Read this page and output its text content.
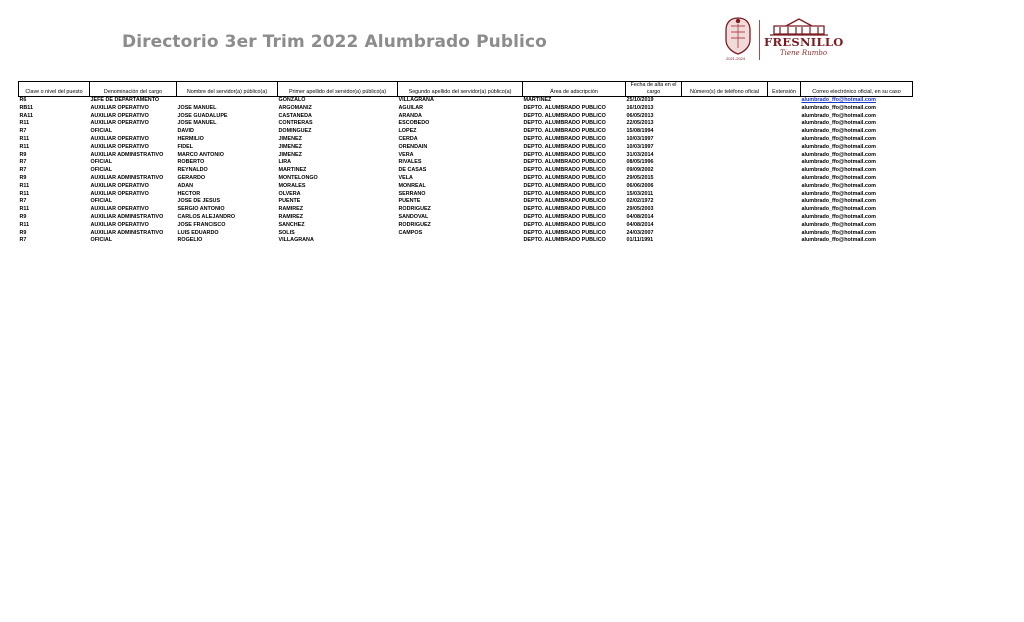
Directorio 3er Trim 2022 Alumbrado Publico
2021-2024
FRESNILLO
Tiene Rumbo
Clave o nivel del puesto	Denominación del cargo	Nombre del servidor(a) público(a)	Primer apellido del servidor(a) público(a)	Segundo apellido del servidor(a) público(a)	Área de adscripción	Fecha de alta en el cargo	Número(s) de teléfono oficial	Extensión	Correo electrónico oficial, en su caso
R6	JEFE DE DEPARTAMENTO		GONZALO	VILLAGRANA	MARTÍNEZ	25/10/2019			alumbrado_ffo@hotmail.com
RB11	AUXILIAR OPERATIVO	JOSÉ MANUEL	ARGOMANIZ	AGUILAR	DEPTO. ALUMBRADO PUBLICO	16/10/2013			alumbrado_ffo@hotmail.com
RA11	AUXILIAR OPERATIVO	JOSÉ GUADALUPE	CASTAÑEDA	ARANDA	DEPTO. ALUMBRADO PUBLICO	06/05/2013			alumbrado_ffo@hotmail.com
R11	AUXILIAR OPERATIVO	JOSÉ MANUEL	CONTRERAS	ESCOBEDO	DEPTO. ALUMBRADO PUBLICO	22/05/2013			alumbrado_ffo@hotmail.com
R7	OFICIAL	DAVID	DOMÍNGUEZ	LÓPEZ	DEPTO. ALUMBRADO PUBLICO	15/08/1994			alumbrado_ffo@hotmail.com
R11	AUXILIAR OPERATIVO	HERMILIO	JIMÉNEZ	CERDA	DEPTO. ALUMBRADO PUBLICO	10/03/1997			alumbrado_ffo@hotmail.com
R11	AUXILIAR OPERATIVO	FIDEL	JIMÉNEZ	ORENDAIN	DEPTO. ALUMBRADO PUBLICO	10/03/1997			alumbrado_ffo@hotmail.com
R9	AUXILIAR ADMINISTRATIVO	MARCO ANTONIO	JIMÉNEZ	VERA	DEPTO. ALUMBRADO PUBLICO	31/03/2014			alumbrado_ffo@hotmail.com
R7	OFICIAL	ROBERTO	LIRA	RIVALES	DEPTO. ALUMBRADO PUBLICO	08/05/1996			alumbrado_ffo@hotmail.com
R7	OFICIAL	REYNALDO	MARTÍNEZ	DE CASAS	DEPTO. ALUMBRADO PUBLICO	09/09/2002			alumbrado_ffo@hotmail.com
R9	AUXILIAR ADMINISTRATIVO	GERARDO	MONTELONGO	VELA	DEPTO. ALUMBRADO PUBLICO	29/05/2015			alumbrado_ffo@hotmail.com
R11	AUXILIAR OPERATIVO	ADAN	MORALES	MONREAL	DEPTO. ALUMBRADO PUBLICO	06/06/2006			alumbrado_ffo@hotmail.com
R11	AUXILIAR OPERATIVO	HÉCTOR	OLVERA	SERRANO	DEPTO. ALUMBRADO PUBLICO	15/03/2011			alumbrado_ffo@hotmail.com
R7	OFICIAL	JOSÉ DE JESÚS	PUENTE	PUENTE	DEPTO. ALUMBRADO PUBLICO	02/02/1972			alumbrado_ffo@hotmail.com
R11	AUXILIAR OPERATIVO	SERGIO ANTONIO	RAMÍREZ	RODRÍGUEZ	DEPTO. ALUMBRADO PUBLICO	29/05/2003			alumbrado_ffo@hotmail.com
R9	AUXILIAR ADMINISTRATIVO	CARLOS ALEJANDRO	RAMÍREZ	SANDOVAL	DEPTO. ALUMBRADO PUBLICO	04/08/2014			alumbrado_ffo@hotmail.com
R11	AUXILIAR OPERATIVO	JOSÉ FRANCISCO	SÁNCHEZ	RODRÍGUEZ	DEPTO. ALUMBRADO PUBLICO	04/08/2014			alumbrado_ffo@hotmail.com
R9	AUXILIAR ADMINISTRATIVO	LUIS EDUARDO	SOLÍS	CAMPOS	DEPTO. ALUMBRADO PUBLICO	24/03/2007			alumbrado_ffo@hotmail.com
R7	OFICIAL	ROGELIO	VILLAGRANA		DEPTO. ALUMBRADO PUBLICO	01/11/1991			alumbrado_ffo@hotmail.com
